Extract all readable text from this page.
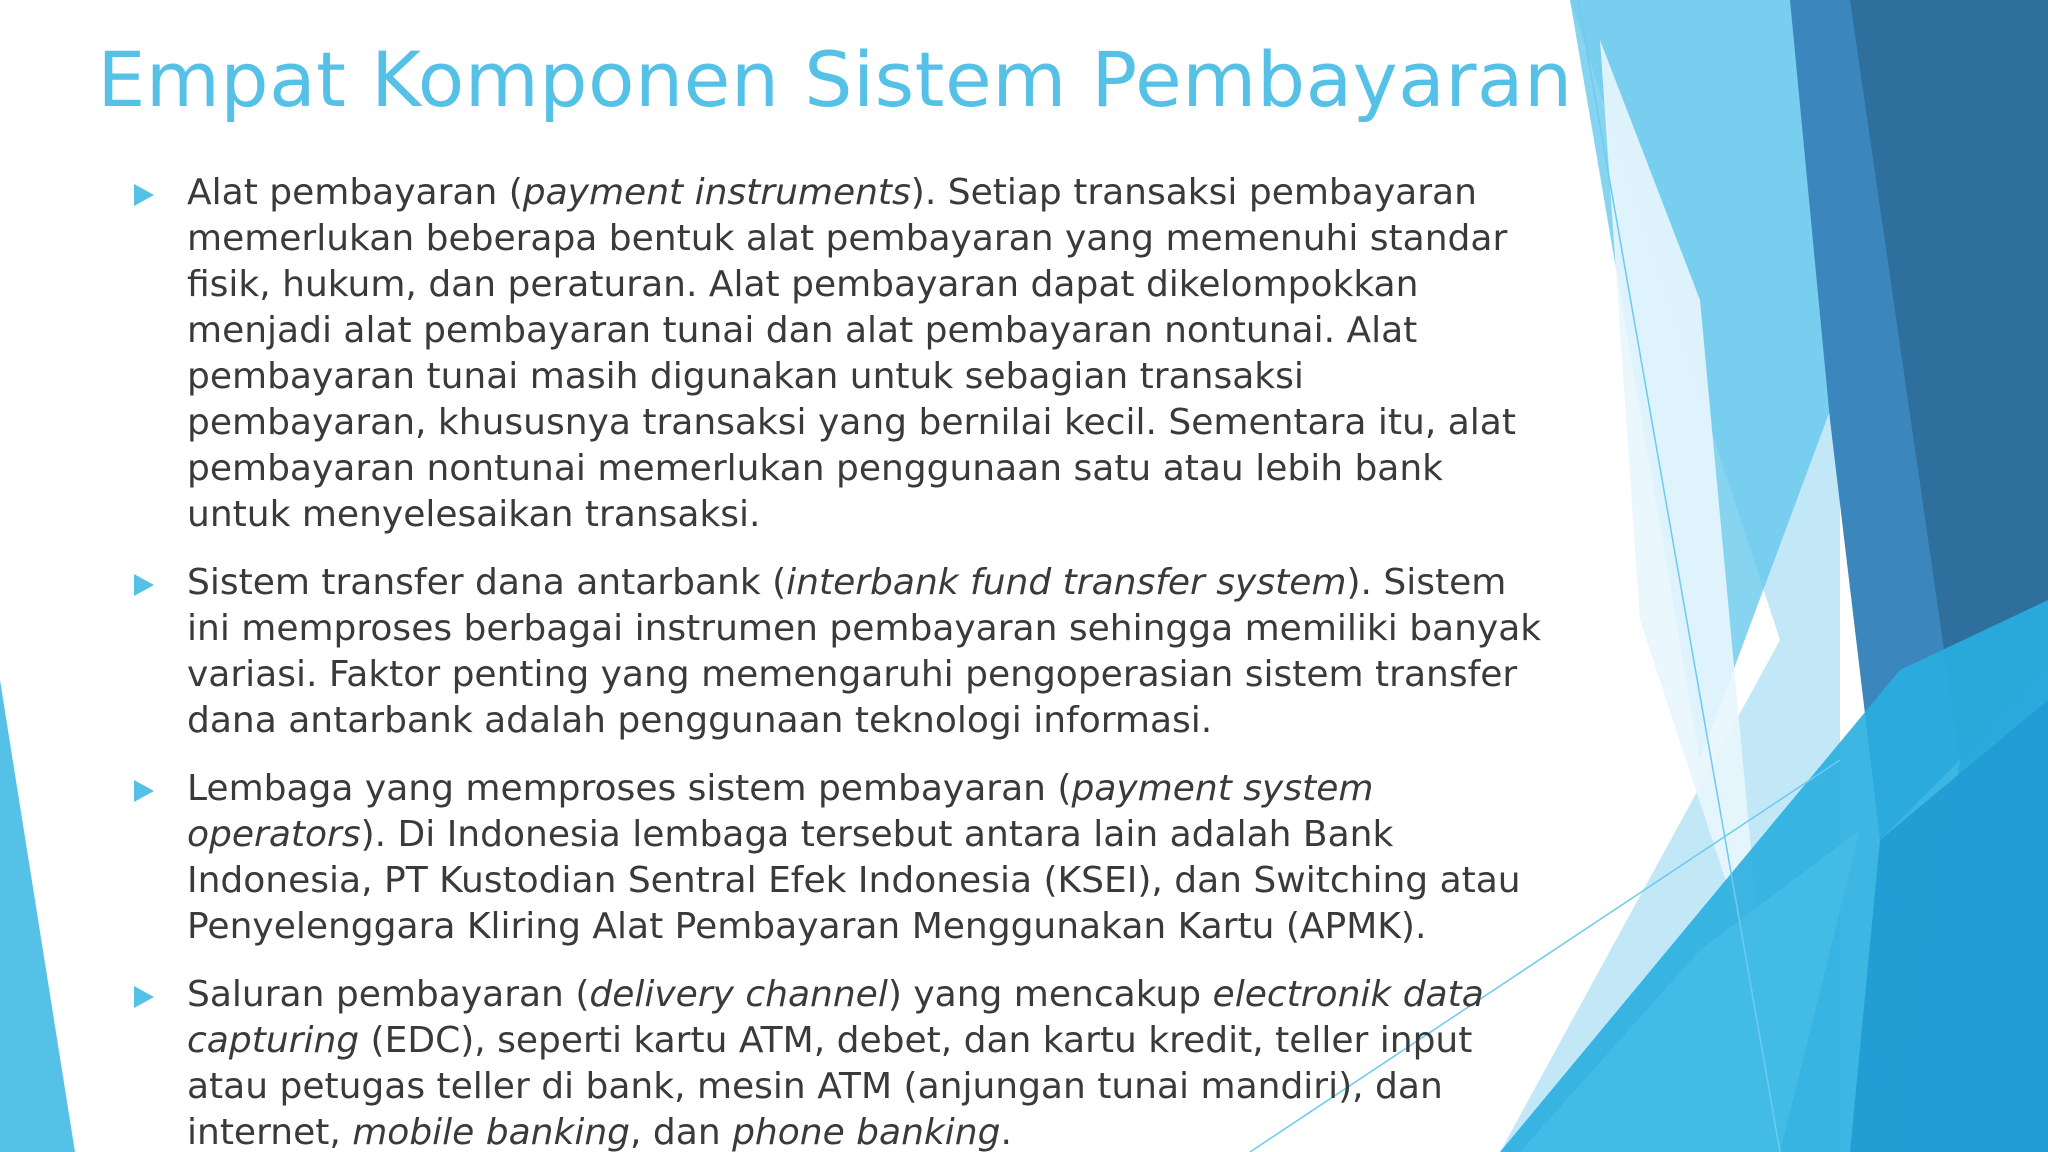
Empat Komponen Sistem Pembayaran
Alat pembayaran (payment instruments). Setiap transaksi pembayaran memerlukan beberapa bentuk alat pembayaran yang memenuhi standar fisik, hukum, dan peraturan. Alat pembayaran dapat dikelompokkan menjadi alat pembayaran tunai dan alat pembayaran nontunai. Alat pembayaran tunai masih digunakan untuk sebagian transaksi pembayaran, khususnya transaksi yang bernilai kecil. Sementara itu, alat pembayaran nontunai memerlukan penggunaan satu atau lebih bank untuk menyelesaikan transaksi.
Sistem transfer dana antarbank (interbank fund transfer system). Sistem ini memproses berbagai instrumen pembayaran sehingga memiliki banyak variasi. Faktor penting yang memengaruhi pengoperasian sistem transfer dana antarbank adalah penggunaan teknologi informasi.
Lembaga yang memproses sistem pembayaran (payment system operators). Di Indonesia lembaga tersebut antara lain adalah Bank Indonesia, PT Kustodian Sentral Efek Indonesia (KSEI), dan Switching atau Penyelenggara Kliring Alat Pembayaran Menggunakan Kartu (APMK).
Saluran pembayaran (delivery channel) yang mencakup electronik data capturing (EDC), seperti kartu ATM, debet, dan kartu kredit, teller input atau petugas teller di bank, mesin ATM (anjungan tunai mandiri), dan internet, mobile banking, dan phone banking.
